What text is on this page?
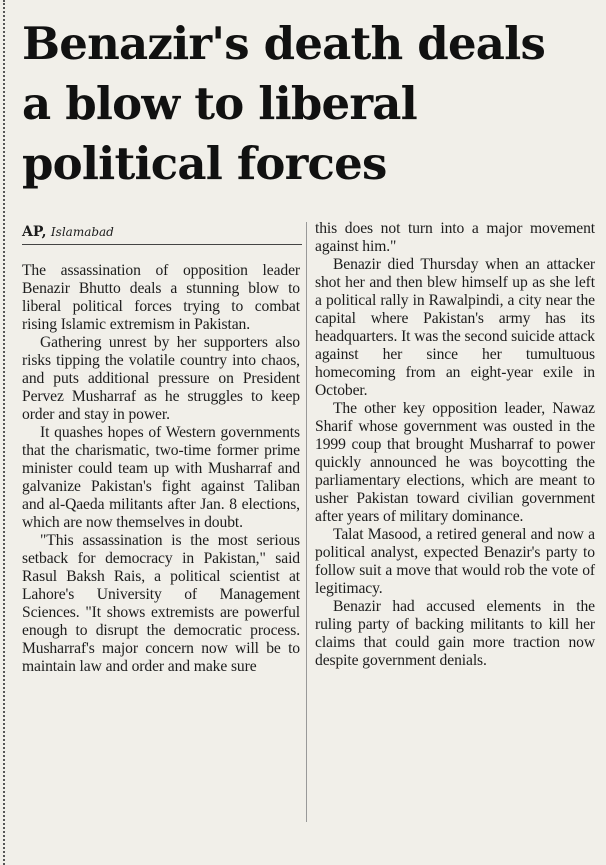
Benazir's death deals
a blow to liberal
political forces
AP, Islamabad

The assassination of opposition leader Benazir Bhutto deals a stunning blow to liberal political forces trying to combat rising Islamic extremism in Pakistan.

Gathering unrest by her supporters also risks tipping the volatile country into chaos, and puts additional pressure on President Pervez Musharraf as he struggles to keep order and stay in power.

It quashes hopes of Western governments that the charismatic, two-time former prime minister could team up with Musharraf and galvanize Pakistan's fight against Taliban and al-Qaeda militants after Jan. 8 elections, which are now themselves in doubt.

"This assassination is the most serious setback for democracy in Pakistan," said Rasul Baksh Rais, a political scientist at Lahore's University of Management Sciences. "It shows extremists are powerful enough to disrupt the democratic process. Musharraf's major concern now will be to maintain law and order and make sure

this does not turn into a major movement against him."

Benazir died Thursday when an attacker shot her and then blew himself up as she left a political rally in Rawalpindi, a city near the capital where Pakistan's army has its headquarters. It was the second suicide attack against her since her tumultuous homecoming from an eight-year exile in October.

The other key opposition leader, Nawaz Sharif whose government was ousted in the 1999 coup that brought Musharraf to power quickly announced he was boycotting the parliamentary elections, which are meant to usher Pakistan toward civilian government after years of military dominance.

Talat Masood, a retired general and now a political analyst, expected Benazir's party to follow suit a move that would rob the vote of legitimacy.

Benazir had accused elements in the ruling party of backing militants to kill her claims that could gain more traction now despite government denials.
